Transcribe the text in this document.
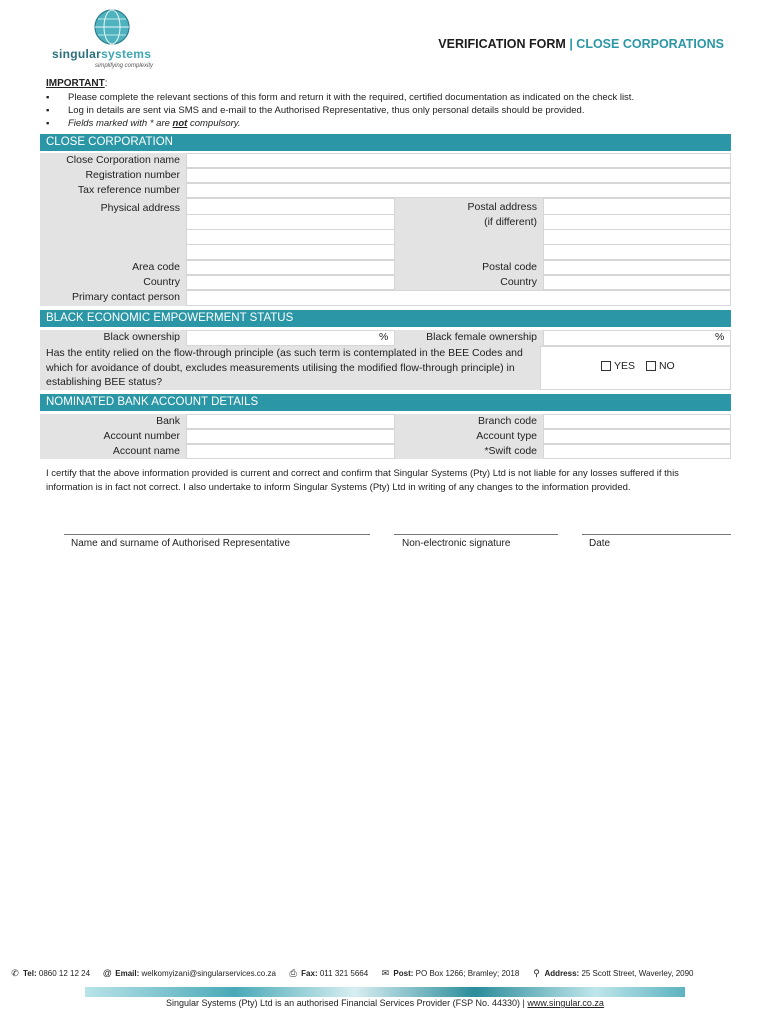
singularsystems
simplifying complexity
VERIFICATION FORM | CLOSE CORPORATIONS
IMPORTANT:
▪ Please complete the relevant sections of this form and return it with the required, certified documentation as indicated on the check list.
▪ Log in details are sent via SMS and e-mail to the Authorised Representative, thus only personal details should be provided.
▪ Fields marked with * are not compulsory.
CLOSE CORPORATION
Close Corporation name
Registration number
Tax reference number
Physical address	Postal address
(if different)
Area code	Postal code
Country	Country
Primary contact person
BLACK ECONOMIC EMPOWERMENT STATUS
Black ownership	%	Black female ownership	%
Has the entity relied on the flow-through principle (as such term is contemplated in the BEE Codes and which for avoidance of doubt, excludes measurements utilising the modified flow-through principle) in establishing BEE status?
YES NO
NOMINATED BANK ACCOUNT DETAILS
Bank	Branch code
Account number	Account type
Account name	*Swift code
I certify that the above information provided is current and correct and confirm that Singular Systems (Pty) Ltd is not liable for any losses suffered if this information is in fact not correct. I also undertake to inform Singular Systems (Pty) Ltd in writing of any changes to the information provided.
Name and surname of Authorised Representative	Non-electronic signature	Date
✆ Tel: 0860 12 12 24 @ Email: welkomyizani@singularservices.co.za ⎙ Fax: 011 321 5664 ✉ Post: PO Box 1266; Bramley; 2018 ⚲ Address: 25 Scott Street, Waverley, 2090
Singular Systems (Pty) Ltd is an authorised Financial Services Provider (FSP No. 44330) | www.singular.co.za
